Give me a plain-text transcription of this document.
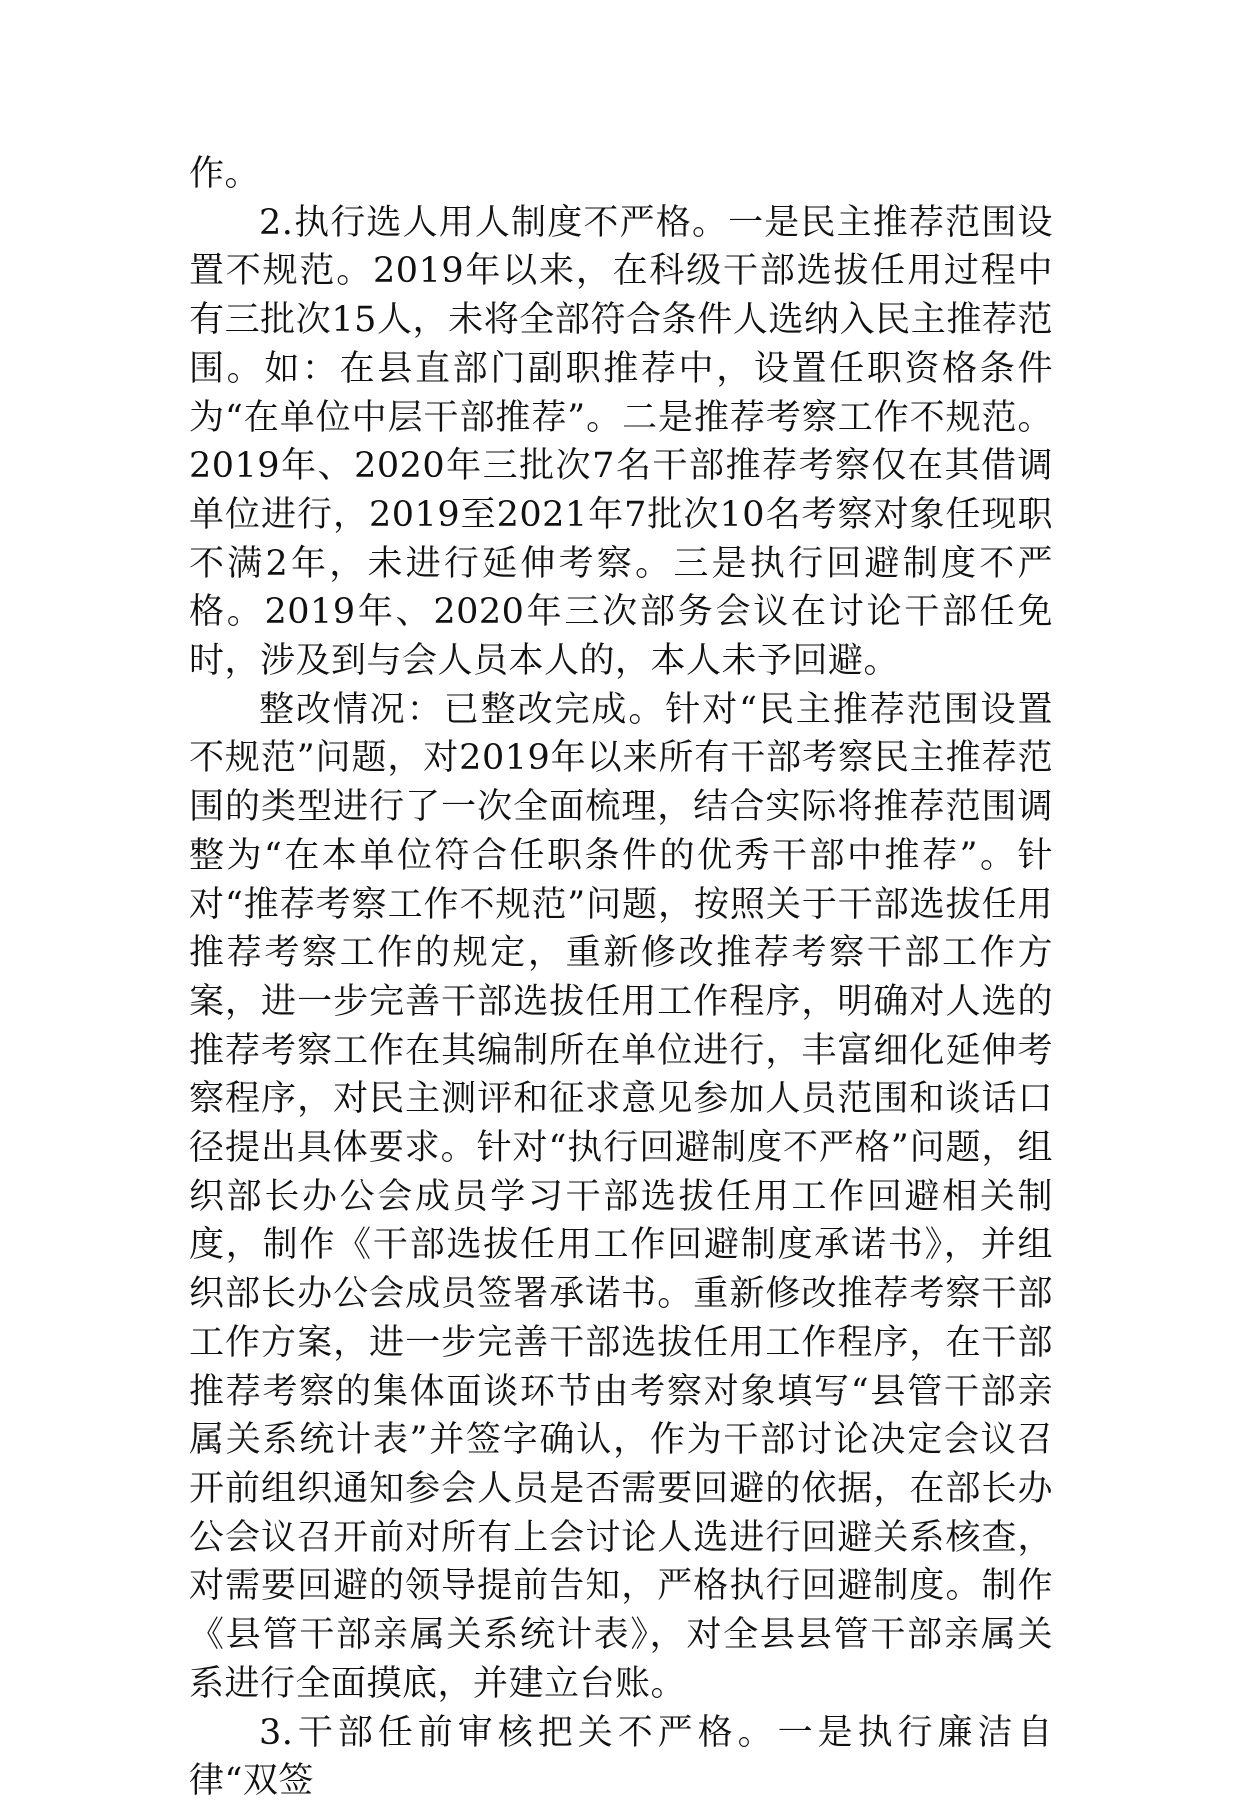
作。

2.执行选人用人制度不严格。一是民主推荐范围设置不规范。2019年以来，在科级干部选拔任用过程中有三批次15人，未将全部符合条件人选纳入民主推荐范围。如：在县直部门副职推荐中，设置任职资格条件为“在单位中层干部推荐”。二是推荐考察工作不规范。2019年、2020年三批次7名干部推荐考察仅在其借调单位进行，2019至2021年7批次10名考察对象任现职不满2年，未进行延伸考察。三是执行回避制度不严格。2019年、2020年三次部务会议在讨论干部任免时，涉及到与会人员本人的，本人未予回避。

整改情况：已整改完成。针对“民主推荐范围设置不规范”问题，对2019年以来所有干部考察民主推荐范围的类型进行了一次全面梳理，结合实际将推荐范围调整为“在本单位符合任职条件的优秀干部中推荐”。针对“推荐考察工作不规范”问题，按照关于干部选拔任用推荐考察工作的规定，重新修改推荐考察干部工作方案，进一步完善干部选拔任用工作程序，明确对人选的推荐考察工作在其编制所在单位进行，丰富细化延伸考察程序，对民主测评和征求意见参加人员范围和谈话口径提出具体要求。针对“执行回避制度不严格”问题，组织部长办公会成员学习干部选拔任用工作回避相关制度，制作《干部选拔任用工作回避制度承诺书》，并组织部长办公会成员签署承诺书。重新修改推荐考察干部工作方案，进一步完善干部选拔任用工作程序，在干部推荐考察的集体面谈环节由考察对象填写“县管干部亲属关系统计表”并签字确认，作为干部讨论决定会议召开前组织通知参会人员是否需要回避的依据，在部长办公会议召开前对所有上会讨论人选进行回避关系核查，对需要回避的领导提前告知，严格执行回避制度。制作《县管干部亲属关系统计表》，对全县县管干部亲属关系进行全面摸底，并建立台账。

3.干部任前审核把关不严格。一是执行廉洁自律“双签
